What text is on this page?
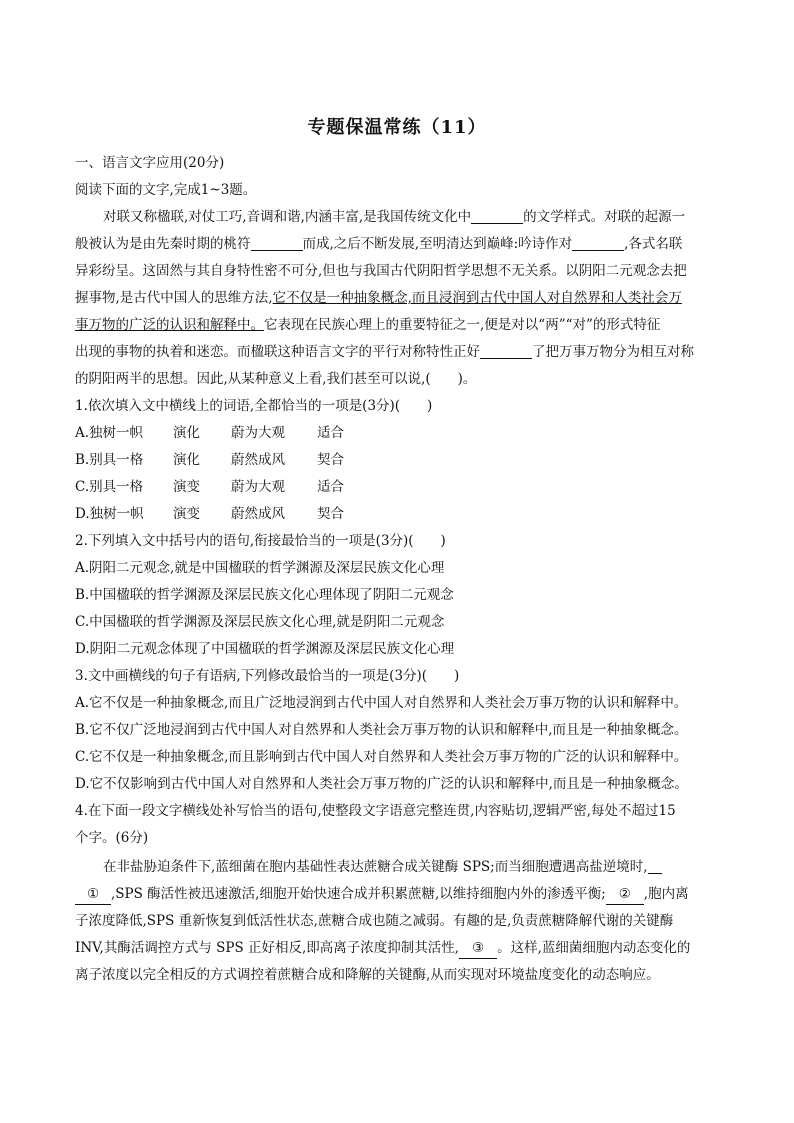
专题保温常练（11）
一、语言文字应用(20分)
阅读下面的文字,完成1~3题。
对联又称楹联,对仗工巧,音调和谐,内涵丰富,是我国传统文化中	的文学样式。对联的起源一
般被认为是由先秦时期的桃符	而成,之后不断发展,至明清达到巅峰:吟诗作对	,各式名联
异彩纷呈。这固然与其自身特性密不可分,但也与我国古代阴阳哲学思想不无关系。以阴阳二元观念去把
握事物,是古代中国人的思维方法,它不仅是一种抽象概念,而且浸润到古代中国人对自然界和人类社会万
事万物的广泛的认识和解释中。它表现在民族心理上的重要特征之一,便是对以“两”“对”的形式特征
出现的事物的执着和迷恋。而楹联这种语言文字的平行对称特性正好	了把万事万物分为相互对称
的阴阳两半的思想。因此,从某种意义上看,我们甚至可以说,(　　)。
1.依次填入文中横线上的词语,全都恰当的一项是(3分)(　　)
A.独树一帜 演化 蔚为大观 适合
B.别具一格 演化 蔚然成风 契合
C.别具一格 演变 蔚为大观 适合
D.独树一帜 演变 蔚然成风 契合
2.下列填入文中括号内的语句,衔接最恰当的一项是(3分)(　　)
A.阴阳二元观念,就是中国楹联的哲学渊源及深层民族文化心理
B.中国楹联的哲学渊源及深层民族文化心理体现了阴阳二元观念
C.中国楹联的哲学渊源及深层民族文化心理,就是阴阳二元观念
D.阴阳二元观念体现了中国楹联的哲学渊源及深层民族文化心理
3.文中画横线的句子有语病,下列修改最恰当的一项是(3分)(　　)
A.它不仅是一种抽象概念,而且广泛地浸润到古代中国人对自然界和人类社会万事万物的认识和解释中。
B.它不仅广泛地浸润到古代中国人对自然界和人类社会万事万物的认识和解释中,而且是一种抽象概念。
C.它不仅是一种抽象概念,而且影响到古代中国人对自然界和人类社会万事万物的广泛的认识和解释中。
D.它不仅影响到古代中国人对自然界和人类社会万事万物的广泛的认识和解释中,而且是一种抽象概念。
4.在下面一段文字横线处补写恰当的语句,使整段文字语意完整连贯,内容贴切,逻辑严密,每处不超过15
个字。(6分)
在非盐胁迫条件下,蓝细菌在胞内基础性表达蔗糖合成关键酶 SPS;而当细胞遭遇高盐逆境时,
① ,SPS 酶活性被迅速激活,细胞开始快速合成并积累蔗糖,以维持细胞内外的渗透平衡; ② ,胞内离
子浓度降低,SPS 重新恢复到低活性状态,蔗糖合成也随之减弱。有趣的是,负责蔗糖降解代谢的关键酶
INV,其酶活调控方式与 SPS 正好相反,即高离子浓度抑制其活性, ③ 。这样,蓝细菌细胞内动态变化的
离子浓度以完全相反的方式调控着蔗糖合成和降解的关键酶,从而实现对环境盐度变化的动态响应。
